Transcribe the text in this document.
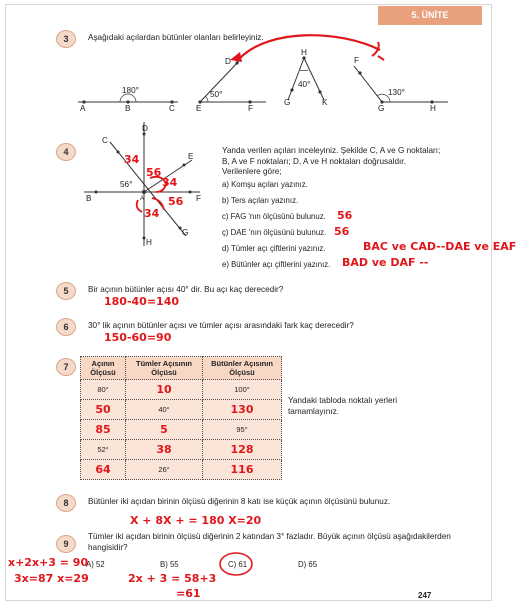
5. ÜNİTE
3	Aşağıdaki açılardan bütünler olanları belirleyiniz.
180°
A	B	C
50°
D
E	F
H
40°
G	K
F
130°
G	H
4	Yanda verilen açıları inceleyiniz. Şekilde C, A ve G noktaları; B, A ve F noktaları; D, A ve H noktaları doğrusaldır. Verilenlere göre;
D
C
E
B	F
G
H
56°
A
34
56
34
56
34
a) Komşu açıları yazınız.
b) Ters açıları yazınız.
c) FAG 'nın ölçüsünü bulunuz.
ç) DAE 'nın ölçüsünü bulunuz.
d) Tümler açı çiftlerini yazınız.
e) Bütünler açı çiftlerini yazınız.
56
56
BAC ve CAD--DAE ve EAF
BAD ve DAF --
5	Bir açının bütünler açısı 40° dir. Bu açı kaç derecedir?
180-40=140
6	30° lik açının bütünler açısı ve tümler açısı arasındaki fark kaç derecedir?
150-60=90
7	Açının Ölçüsü	Tümler Açısının Ölçüsü	Bütünler Açısının Ölçüsü
80°	10	100°
50	40°	130
85	5	95°
52°	38	128
64	26°	116
Yandaki tabloda noktalı yerleri tamamlayınız.
8	Bütünler iki açıdan birinin ölçüsü diğerinin 8 katı ise küçük açının ölçüsünü bulunuz.
X + 8X + = 180 X=20
9
Tümler iki açıdan birinin ölçüsü diğerinin 2 katından 3° fazladır. Büyük açının ölçüsü aşağıdakilerden hangisidir?
A) 52	B) 55	C) 61	D) 65
x+2x+3 = 90
3x=87 x=29	2x + 3 = 58+3
=61	247
